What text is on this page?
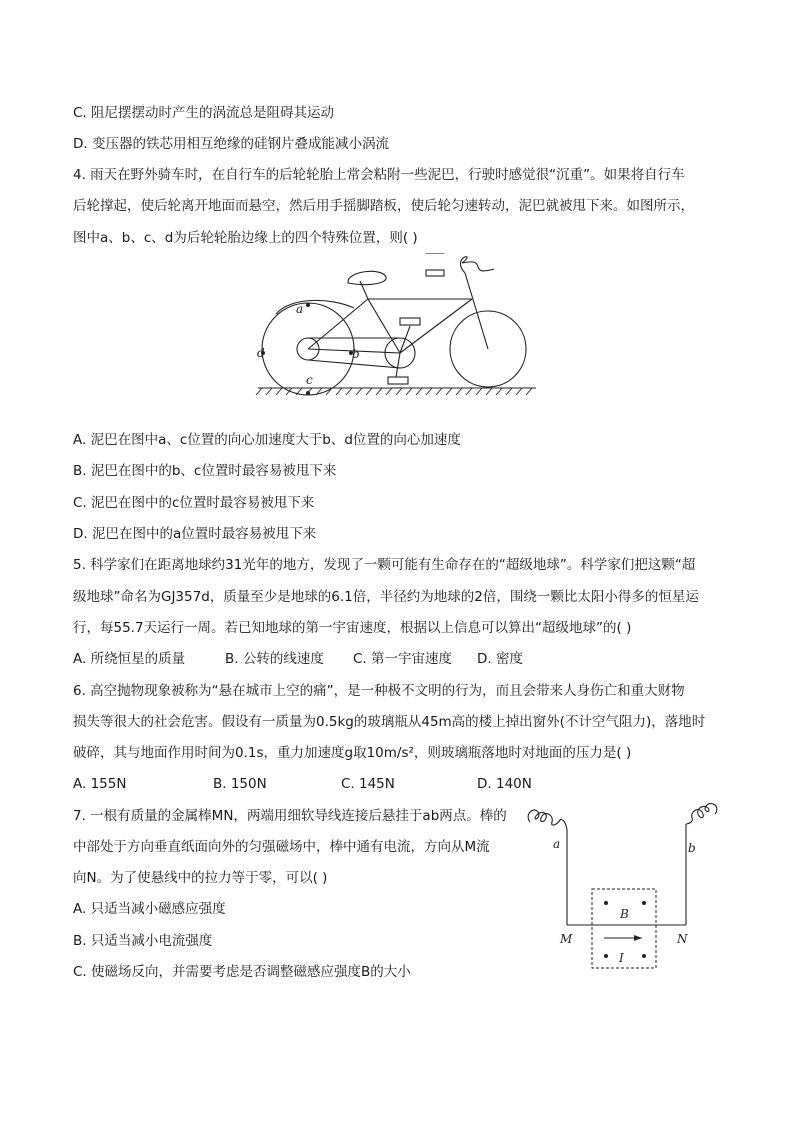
C. 阻尼摆摆动时产生的涡流总是阻碍其运动
D. 变压器的铁芯用相互绝缘的硅钢片叠成能减小涡流
4. 雨天在野外骑车时，在自行车的后轮轮胎上常会粘附一些泥巴，行驶时感觉很“沉重”。如果将自行车
后轮撑起，使后轮离开地面而悬空，然后用手摇脚踏板，使后轮匀速转动，泥巴就被甩下来。如图所示，
图中a、b、c、d为后轮轮胎边缘上的四个特殊位置，则( )
a
b
c
d
A. 泥巴在图中a、c位置的向心加速度大于b、d位置的向心加速度
B. 泥巴在图中的b、c位置时最容易被甩下来
C. 泥巴在图中的c位置时最容易被甩下来
D. 泥巴在图中的a位置时最容易被甩下来
5. 科学家们在距离地球约31光年的地方，发现了一颗可能有生命存在的“超级地球”。科学家们把这颗“超
级地球”命名为GJ357d，质量至少是地球的6.1倍，半径约为地球的2倍，围绕一颗比太阳小得多的恒星运
行，每55.7天运行一周。若已知地球的第一宇宙速度，根据以上信息可以算出“超级地球”的( )
A. 所绕恒星的质量	B. 公转的线速度 C. 第一宇宙速度 D. 密度
6. 高空抛物现象被称为“悬在城市上空的痛”，是一种极不文明的行为，而且会带来人身伤亡和重大财物
损失等很大的社会危害。假设有一质量为0.5kg的玻璃瓶从45m高的楼上掉出窗外(不计空气阻力)，落地时
破碎，其与地面作用时间为0.1s，重力加速度g取10m/s²，则玻璃瓶落地时对地面的压力是( )
A. 155N	B. 150N	C. 145N	D. 140N
7. 一根有质量的金属棒MN，两端用细软导线连接后悬挂于ab两点。棒的
中部处于方向垂直纸面向外的匀强磁场中，棒中通有电流，方向从M流
向N。为了使悬线中的拉力等于零，可以( )
a	b
B
M	N
I
A. 只适当减小磁感应强度
B. 只适当减小电流强度
C. 使磁场反向，并需要考虑是否调整磁感应强度B的大小
